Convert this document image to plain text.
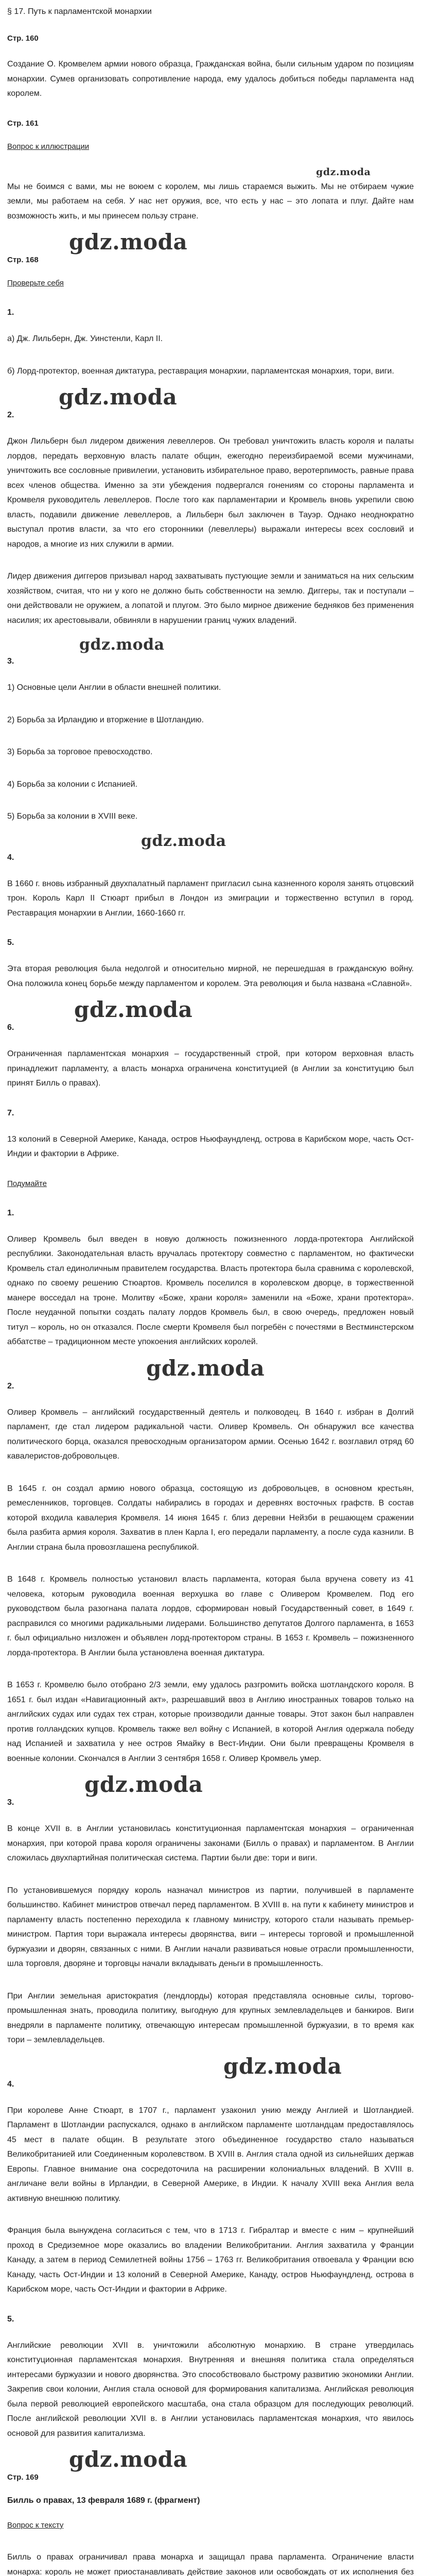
§ 17. Путь к парламентской монархии
Стр. 160

Создание О. Кромвелем армии нового образца, Гражданская война, были сильным ударом по позициям монархии. Сумев организовать сопротивление народа, ему удалось добиться победы парламента над королем.

Стр. 161
Вопрос к иллюстрации
gdz.moda

Мы не боимся с вами, мы не воюем с королем, мы лишь стараемся выжить. Мы не отбираем чужие земли, мы работаем на себя. У нас нет оружия, все, что есть у нас – это лопата и плуг. Дайте нам возможность жить, и мы принесем пользу стране.

gdz.moda
Стр. 168
Проверьте себя
1.

а) Дж. Лильберн, Дж. Уинстенли, Карл II.

б) Лорд-протектор, военная диктатура, реставрация монархии, парламентская монархия, тори, виги.

gdz.moda
2.

Джон Лильберн был лидером движения левеллеров. Он требовал уничтожить власть короля и палаты лордов, передать верховную власть палате общин, ежегодно переизбираемой всеми мужчинами, уничтожить все сословные привилегии, установить избирательное право, веротерпимость, равные права всех членов общества. Именно за эти убеждения подвергался гонениям со стороны парламента и Кромвеля руководитель левеллеров. После того как парламентарии и Кромвель вновь укрепили свою власть, подавили движение левеллеров, а Лильберн был заключен в Тауэр. Однако неоднократно выступал против власти, за что его сторонники (левеллеры) выражали интересы всех сословий и народов, а многие из них служили в армии.

Лидер движения диггеров призывал народ захватывать пустующие земли и заниматься на них сельским хозяйством, считая, что ни у кого не должно быть собственности на землю. Диггеры, так и поступали – они действовали не оружием, а лопатой и плугом. Это было мирное движение бедняков без применения насилия; их арестовывали, обвиняли в нарушении границ чужих владений.

gdz.moda
3.

1) Основные цели Англии в области внешней политики.

2) Борьба за Ирландию и вторжение в Шотландию.

3) Борьба за торговое превосходство.

4) Борьба за колонии с Испанией.

5) Борьба за колонии в XVIII веке.

gdz.moda
4.

В 1660 г. вновь избранный двухпалатный парламент пригласил сына казненного короля занять отцовский трон. Король Карл II Стюарт прибыл в Лондон из эмиграции и торжественно вступил в город. Реставрация монархии в Англии, 1660-1660 гг.

5.

Эта вторая революция была недолгой и относительно мирной, не перешедшая в гражданскую войну. Она положила конец борьбе между парламентом и королем. Эта революция и была названа «Славной».

gdz.moda
6.

Ограниченная парламентская монархия – государственный строй, при котором верховная власть принадлежит парламенту, а власть монарха ограничена конституцией (в Англии за конституцию был принят Билль о правах).

7.

13 колоний в Северной Америке, Канада, остров Ньюфаундленд, острова в Карибском море, часть Ост-Индии и фактории в Африке.

Подумайте
1.

Оливер Кромвель был введен в новую должность пожизненного лорда-протектора Английской республики. Законодательная власть вручалась протектору совместно с парламентом, но фактически Кромвель стал единоличным правителем государства. Власть протектора была сравнима с королевской, однако по своему решению Стюартов. Кромвель поселился в королевском дворце, в торжественной манере восседал на троне. Молитву «Боже, храни короля» заменили на «Боже, храни протектора». После неудачной попытки создать палату лордов Кромвель был, в свою очередь, предложен новый титул – король, но он отказался. После смерти Кромвеля был погребён с почестями в Вестминстерском аббатстве – традиционном месте упокоения английских королей.

gdz.moda
2.

Оливер Кромвель – английский государственный деятель и полководец. В 1640 г. избран в Долгий парламент, где стал лидером радикальной части. Оливер Кромвель. Он обнаружил все качества политического борца, оказался превосходным организатором армии. Осенью 1642 г. возглавил отряд 60 кавалеристов-добровольцев.

В 1645 г. он создал армию нового образца, состоящую из добровольцев, в основном крестьян, ремесленников, торговцев. Солдаты набирались в городах и деревнях восточных графств. В состав которой входила кавалерия Кромвеля. 14 июня 1645 г. близ деревни Нейзби в решающем сражении была разбита армия короля. Захватив в плен Карла I, его передали парламенту, а после суда казнили. В Англии страна была провозглашена республикой.

В 1648 г. Кромвель полностью установил власть парламента, которая была вручена совету из 41 человека, которым руководила военная верхушка во главе с Оливером Кромвелем. Под его руководством была разогнана палата лордов, сформирован новый Государственный совет, в 1649 г. расправился со многими радикальными лидерами. Большинство депутатов Долгого парламента, в 1653 г. был официально низложен и объявлен лорд-протектором страны. В 1653 г. Кромвель – пожизненного лорда-протектора. В Англии была установлена военная диктатура.

В 1653 г. Кромвелю было отобрано 2/3 земли, ему удалось разгромить войска шотландского короля. В 1651 г. был издан «Навигационный акт», разрешавший ввоз в Англию иностранных товаров только на английских судах или судах тех стран, которые производили данные товары. Этот закон был направлен против голландских купцов. Кромвель также вел войну с Испанией, в которой Англия одержала победу над Испанией и захватила у нее остров Ямайку в Вест-Индии. Они были превращены Кромвеля в военные колонии. Скончался в Англии 3 сентября 1658 г. Оливер Кромвель умер.

gdz.moda
3.

В конце XVII в. в Англии установилась конституционная парламентская монархия – ограниченная монархия, при которой права короля ограничены законами (Билль о правах) и парламентом. В Англии сложилась двухпартийная политическая система. Партии были две: тори и виги.

По установившемуся порядку король назначал министров из партии, получившей в парламенте большинство. Кабинет министров отвечал перед парламентом. В XVIII в. на пути к кабинету министров и парламенту власть постепенно переходила к главному министру, которого стали называть премьер-министром. Партия тори выражала интересы дворянства, виги – интересы торговой и промышленной буржуазии и дворян, связанных с ними. В Англии начали развиваться новые отрасли промышленности, шла торговля, дворяне и торговцы начали вкладывать деньги в промышленность.

При Англии земельная аристократия (лендлорды) которая представляла основные силы, торгово-промышленная знать, проводила политику, выгодную для крупных землевладельцев и банкиров. Виги внедряли в парламенте политику, отвечающую интересам промышленной буржуазии, в то время как тори – землевладельцев.

gdz.moda
4.

При королеве Анне Стюарт, в 1707 г., парламент узаконил унию между Англией и Шотландией. Парламент в Шотландии распускался, однако в английском парламенте шотландцам предоставлялось 45 мест в палате общин. В результате этого объединенное государство стало называться Великобританией или Соединенным королевством. В XVIII в. Англия стала одной из сильнейших держав Европы. Главное внимание она сосредоточила на расширении колониальных владений. В XVIII в. англичане вели войны в Ирландии, в Северной Америке, в Индии. К началу XVIII века Англия вела активную внешнюю политику.

Франция была вынуждена согласиться с тем, что в 1713 г. Гибралтар и вместе с ним – крупнейший проход в Средиземное море оказались во владении Великобритании. Англия захватила у Франции Канаду, а затем в период Семилетней войны 1756 – 1763 гг. Великобритания отвоевала у Франции всю Канаду, часть Ост-Индии и 13 колоний в Северной Америке, Канаду, остров Ньюфаундленд, острова в Карибском море, часть Ост-Индии и фактории в Африке.

5.

Английские революции XVII в. уничтожили абсолютную монархию. В стране утвердилась конституционная парламентская монархия. Внутренняя и внешняя политика стала определяться интересами буржуазии и нового дворянства. Это способствовало быстрому развитию экономики Англии. Закрепив свои колонии, Англия стала основой для формирования капитализма. Английская революция была первой революцией европейского масштаба, она стала образцом для последующих революций. После английской революции XVII в. в Англии установилась парламентская монархия, что явилось основой для развития капитализма.

gdz.moda
Стр. 169
Билль о правах, 13 февраля 1689 г. (фрагмент)
Вопрос к тексту

Билль о правах ограничивал права монарха и защищал права парламента. Ограничение власти монарха: король не может приостанавливать действие законов или освобождать от их исполнения без
